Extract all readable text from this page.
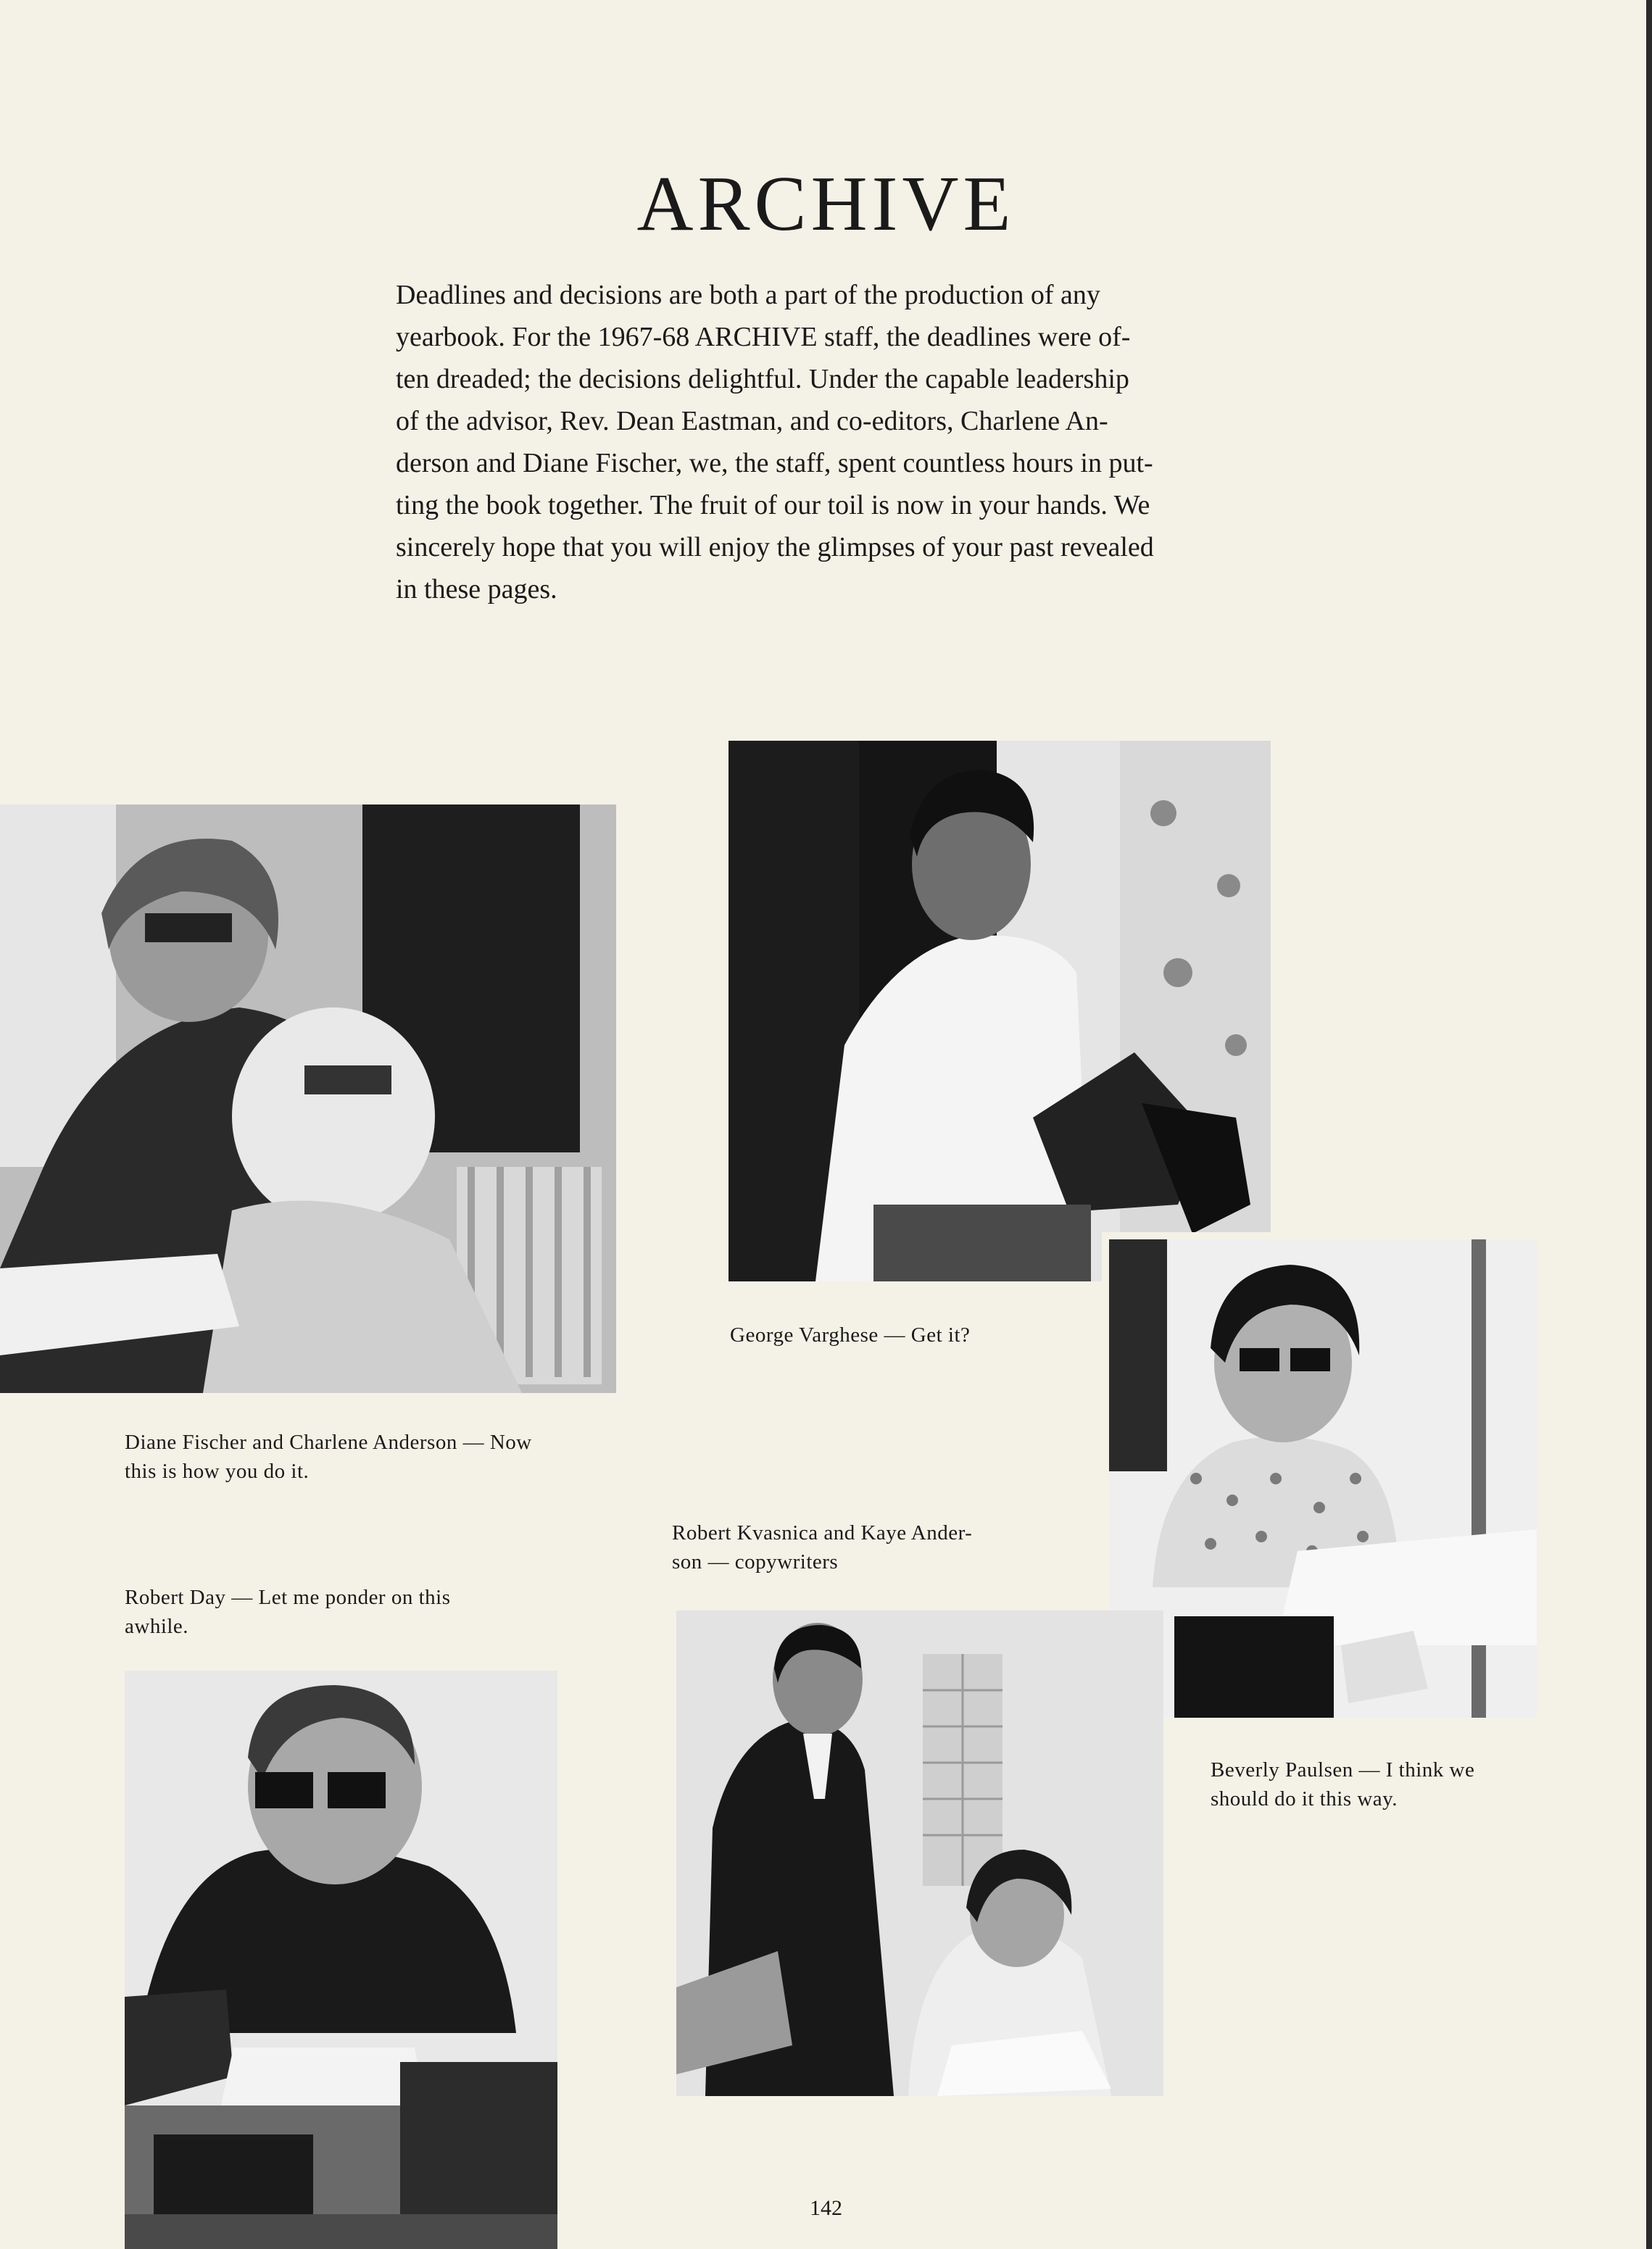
ARCHIVE
Deadlines and decisions are both a part of the production of any
yearbook. For the 1967-68 ARCHIVE staff, the deadlines were of-
ten dreaded; the decisions delightful. Under the capable leadership
of the advisor, Rev. Dean Eastman, and co-editors, Charlene An-
derson and Diane Fischer, we, the staff, spent countless hours in put-
ting the book together. The fruit of our toil is now in your hands. We
sincerely hope that you will enjoy the glimpses of your past revealed
in these pages.
Diane Fischer and Charlene Anderson — Now
this is how you do it.
George Varghese — Get it?
Beverly Paulsen — I think we
should do it this way.
Robert Kvasnica and Kaye Ander-
son — copywriters
Robert Day — Let me ponder on this
awhile.
142
